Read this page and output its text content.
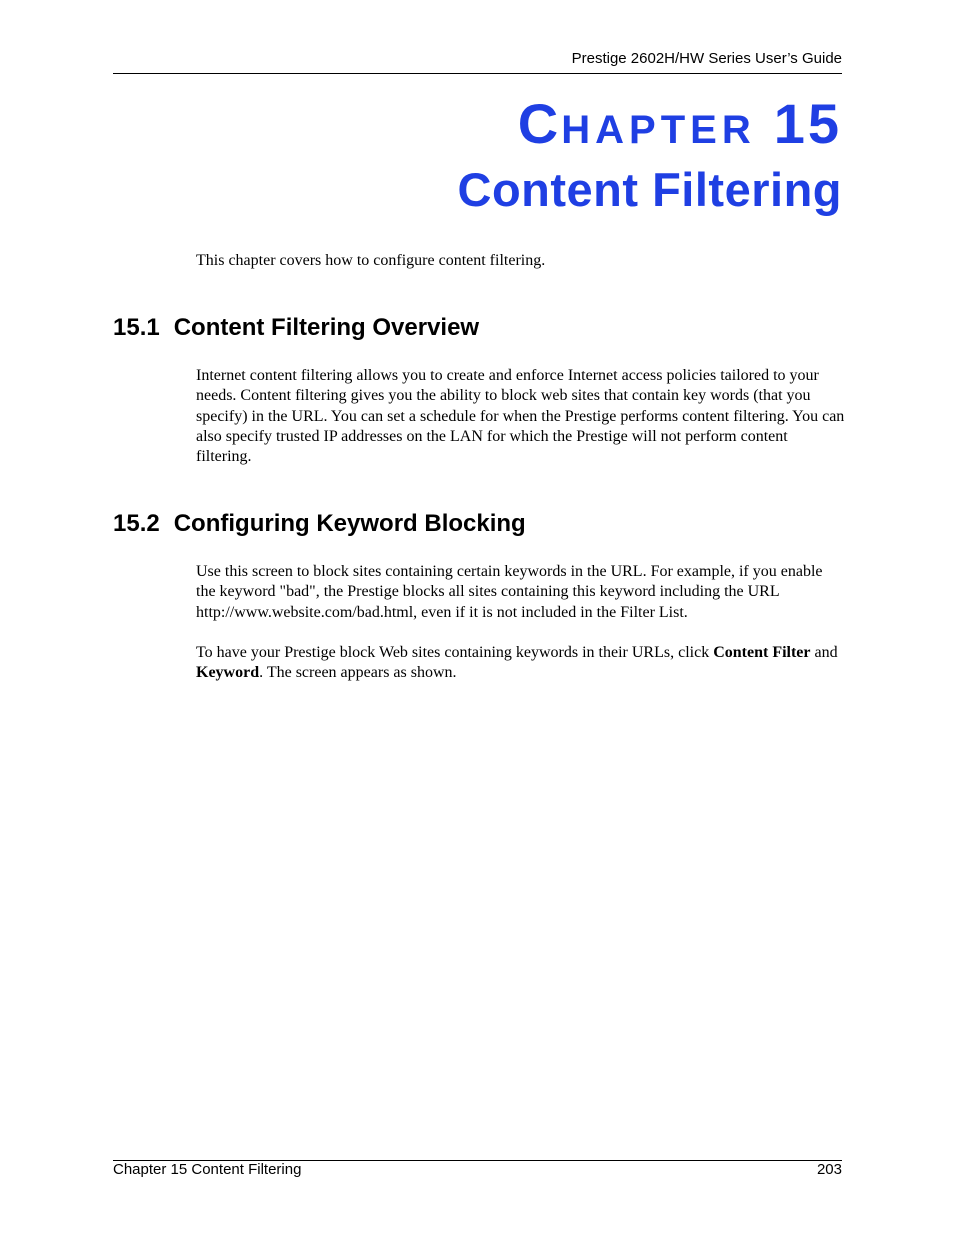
Prestige 2602H/HW Series User’s Guide
CHAPTER 15
Content Filtering
This chapter covers how to configure content filtering.
15.1 Content Filtering Overview
Internet content filtering allows you to create and enforce Internet access policies tailored to your needs. Content filtering gives you the ability to block web sites that contain key words (that you specify) in the URL. You can set a schedule for when the Prestige performs content filtering. You can also specify trusted IP addresses on the LAN for which the Prestige will not perform content filtering.
15.2 Configuring Keyword Blocking
Use this screen to block sites containing certain keywords in the URL. For example, if you enable the keyword "bad", the Prestige blocks all sites containing this keyword including the URL http://www.website.com/bad.html, even if it is not included in the Filter List.
To have your Prestige block Web sites containing keywords in their URLs, click Content Filter and Keyword. The screen appears as shown.
Chapter 15 Content Filtering	203
